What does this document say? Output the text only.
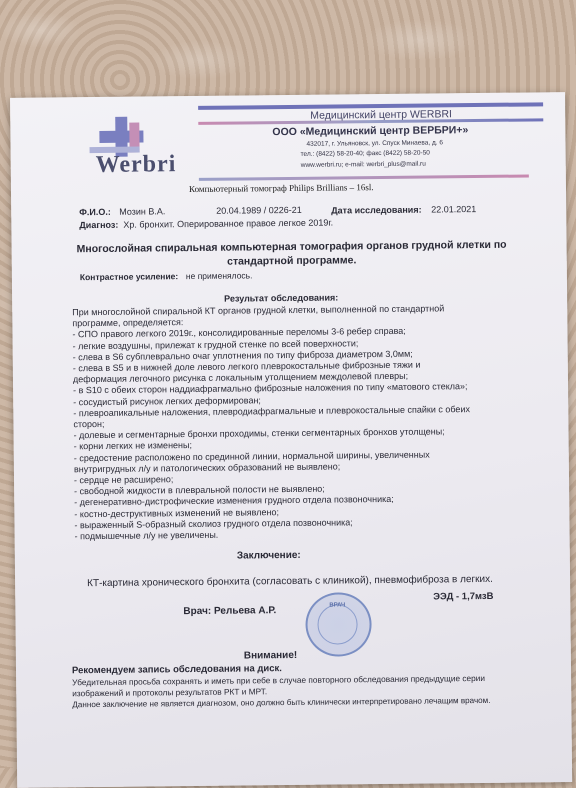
Werbri
Медицинский центр WERBRI
ООО «Медицинский центр ВЕРБРИ+»
432017, г. Ульяновск, ул. Спуск Минаева, д. 6
тел.: (8422) 58-20-40; факс (8422) 58-20-50
www.werbri.ru; e-mail: werbri_plus@mail.ru
Компьютерный томограф Philips Brillians – 16sl.
Ф.И.О.: Мозин В.А.	20.04.1989 / 0226-21	Дата исследования: 22.01.2021
Диагноз: Хр. бронхит. Оперированное правое легкое 2019г.
Многослойная спиральная компьютерная томография органов грудной клетки по стандартной программе.
Контрастное усиление: не применялось.
Результат обследования:
При многослойной спиральной КТ органов грудной клетки, выполненной по стандартной
программе, определяется:
- СПО правого легкого 2019г., консолидированные переломы 3-6 ребер справа;
- легкие воздушны, прилежат к грудной стенке по всей поверхности;
- слева в S6 субплеврально очаг уплотнения по типу фиброза диаметром 3,0мм;
- слева в S5 и в нижней доле левого легкого плеврокостальные фиброзные тяжи и
деформация легочного рисунка с локальным утолщением междолевой плевры;
- в S10 с обеих сторон наддиафрагмально фиброзные наложения по типу «матового стекла»;
- сосудистый рисунок легких деформирован;
- плевроапикальные наложения, плевродиафрагмальные и плеврокостальные спайки с обеих
сторон;
- долевые и сегментарные бронхи проходимы, стенки сегментарных бронхов утолщены;
- корни легких не изменены;
- средостение расположено по срединной линии, нормальной ширины, увеличенных
внутригрудных л/у и патологических образований не выявлено;
- сердце не расширено;
- свободной жидкости в плевральной полости не выявлено;
- дегенеративно-дистрофические изменения грудного отдела позвоночника;
- костно-деструктивных изменений не выявлено;
- выраженный S-образный сколиоз грудного отдела позвоночника;
- подмышечные л/у не увеличены.
Заключение:
КТ-картина хронического бронхита (согласовать с клиникой), пневмофиброза в легких.
ЭЭД - 1,7мзВ
Врач: Рельева А.Р.	ВРАЧ
Внимание!
Рекомендуем запись обследования на диск.
Убедительная просьба сохранять и иметь при себе в случае повторного обследования предыдущие серии
изображений и протоколы результатов РКТ и МРТ.
Данное заключение не является диагнозом, оно должно быть клинически интерпретировано лечащим врачом.
